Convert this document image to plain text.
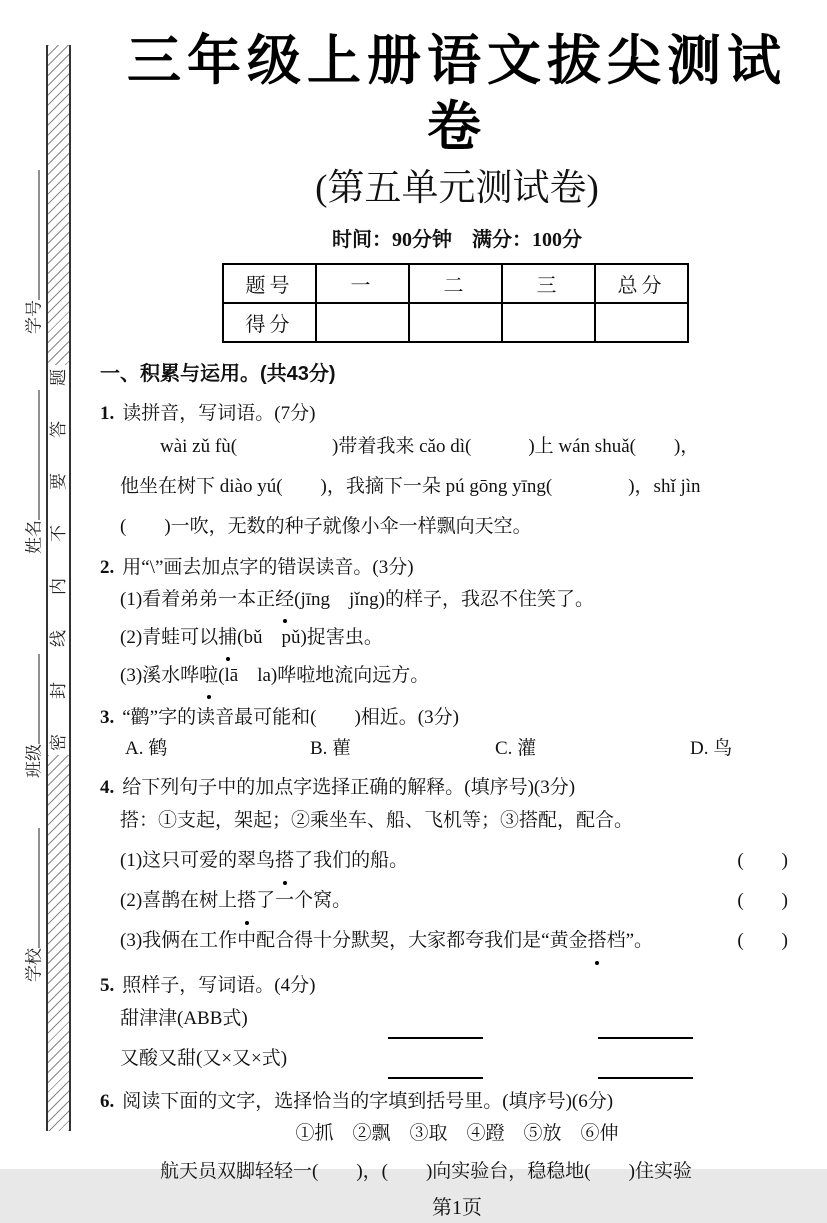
题
答
要
不
内
线
封
密
学号
姓名
班级
学校
三年级上册语文拔尖测试卷
(第五单元测试卷)
时间：90分钟　满分：100分
题号	一	二	三	总分
得分				
一、积累与运用。(共43分)
1. 读拼音，写词语。(7分)
wài zǔ fù(　　　　　)带着我来 cǎo dì(　　　)上 wán shuǎ(　　)，
他坐在树下 diào yú(　　)，我摘下一朵 pú gōng yīng(　　　　)，shǐ jìn
(　　)一吹，无数的种子就像小伞一样飘向天空。
2. 用“\”画去加点字的错误读音。(3分)
(1)看着弟弟一本正经(jīng　jǐng)的样子，我忍不住笑了。
(2)青蛙可以捕(bǔ　pǔ)捉害虫。
(3)溪水哗啦(lā　la)哗啦地流向远方。
3. “鹳”字的读音最可能和(　　)相近。(3分)
A. 鹤	B. 雚	C. 灌	D. 鸟
4. 给下列句子中的加点字选择正确的解释。(填序号)(3分)
搭：①支起，架起；②乘坐车、船、飞机等；③搭配，配合。
(1)这只可爱的翠鸟搭了我们的船。	(　　)
(2)喜鹊在树上搭了一个窝。	(　　)
(3)我俩在工作中配合得十分默契，大家都夸我们是“黄金搭档”。	(　　)
5. 照样子，写词语。(4分)
甜津津(ABB式)
又酸又甜(又×又×式)
6. 阅读下面的文字，选择恰当的字填到括号里。(填序号)(6分)
①抓　②飘　③取　④蹬　⑤放　⑥伸
航天员双脚轻轻一(　　)，(　　)向实验台，稳稳地(　　)住实验
第1页
